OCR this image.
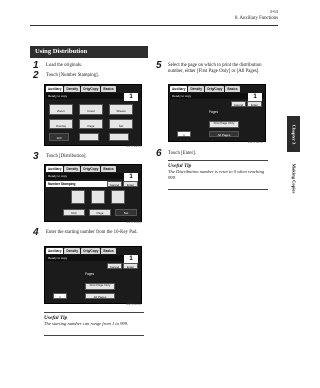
3-63
8. Auxiliary Functions
Chapter 3
Making Copies
Using Distribution
1 Load the originals.
2 Touch [Number Stamping].
Auxiliary	Density	Orig/Copy	Basics
Ready to copy	1
Zoom	Cover	Sheets
Overlay	Page	Set
123
4697P108CA
3 Touch [Distribution].
Auxiliary	Density	Orig/Copy	Basics
Ready to copy	1
Number Stamping	Cancel	Enter
Dstr	Page	Set
4697P109CA
4 Enter the starting number from the 10-Key Pad.
Auxiliary	Density	Orig/Copy	Basics
Ready to copy	1
Cancel	Enter
Pages
First Page Only
1	All Pages
4697P110CA
Useful Tip
The starting number can range from 1 to 999.
5 Select the page on which to print the distribution number, either [First Page Only] or [All Pages].
Auxiliary	Density	Orig/Copy	Basics
Ready to copy	1
Cancel	Enter
Pages
First Page Only
1	All Pages
4697P111CA
6 Touch [Enter].
Useful Tip
The Distribution number is reset to 0 when reaching 999.
